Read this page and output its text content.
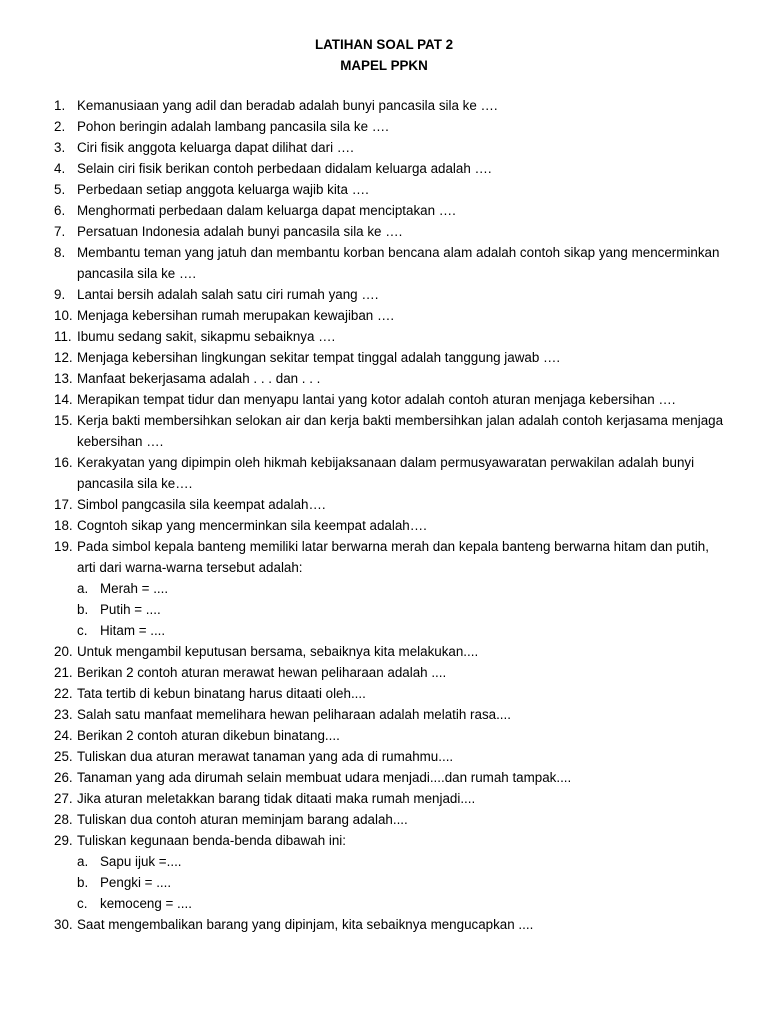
LATIHAN SOAL PAT 2
MAPEL PPKN
1. Kemanusiaan yang adil dan beradab adalah bunyi pancasila sila ke ….
2. Pohon beringin adalah lambang pancasila sila ke ….
3. Ciri fisik anggota keluarga dapat dilihat dari ….
4. Selain ciri fisik berikan contoh perbedaan didalam keluarga adalah ….
5. Perbedaan setiap anggota keluarga wajib kita ….
6. Menghormati perbedaan dalam keluarga dapat menciptakan ….
7. Persatuan Indonesia adalah bunyi pancasila sila ke ….
8. Membantu teman yang jatuh dan membantu korban bencana alam adalah contoh sikap yang mencerminkan pancasila sila ke ….
9. Lantai bersih adalah salah satu ciri rumah yang ….
10. Menjaga kebersihan rumah merupakan kewajiban ….
11. Ibumu sedang sakit, sikapmu sebaiknya ….
12. Menjaga kebersihan lingkungan sekitar tempat tinggal adalah tanggung jawab ….
13. Manfaat bekerjasama adalah . . . dan . . .
14. Merapikan tempat tidur dan menyapu lantai yang kotor adalah contoh aturan menjaga kebersihan ….
15. Kerja bakti membersihkan selokan air dan kerja bakti membersihkan jalan adalah contoh kerjasama menjaga kebersihan ….
16. Kerakyatan yang dipimpin oleh hikmah kebijaksanaan dalam permusyawaratan perwakilan adalah bunyi pancasila sila ke….
17. Simbol pangcasila sila keempat adalah….
18. Cogntoh sikap yang mencerminkan sila keempat adalah….
19. Pada simbol kepala banteng memiliki latar berwarna merah dan kepala banteng berwarna hitam dan putih, arti dari warna-warna tersebut adalah:
a. Merah = ....
b. Putih = ....
c. Hitam = ....
20. Untuk mengambil keputusan bersama, sebaiknya kita melakukan....
21. Berikan 2 contoh aturan merawat hewan peliharaan adalah ....
22. Tata tertib di kebun binatang harus ditaati oleh....
23. Salah satu manfaat memelihara hewan peliharaan adalah melatih rasa....
24. Berikan 2 contoh aturan dikebun binatang....
25. Tuliskan dua aturan merawat tanaman yang ada di rumahmu....
26. Tanaman yang ada dirumah selain membuat udara menjadi....dan rumah tampak....
27. Jika aturan meletakkan barang tidak ditaati maka rumah menjadi....
28. Tuliskan dua contoh aturan meminjam barang adalah....
29. Tuliskan kegunaan benda-benda dibawah ini:
a. Sapu ijuk =....
b. Pengki = ....
c. kemoceng = ....
30. Saat mengembalikan barang yang dipinjam, kita sebaiknya mengucapkan ....
